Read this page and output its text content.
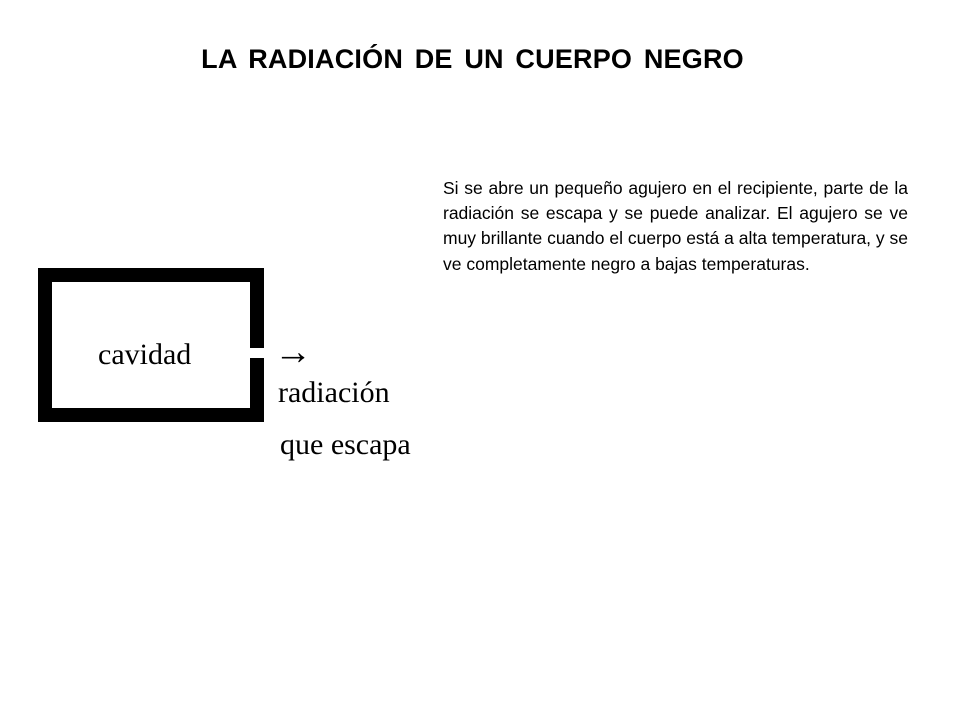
LA RADIACIÓN DE UN CUERPO NEGRO
cavidad →
radiación
que escapa

Si se abre un pequeño agujero en el recipiente, parte de la radiación se escapa y se puede analizar. El agujero se ve muy brillante cuando el cuerpo está a alta temperatura, y se ve completamente negro a bajas temperaturas.
